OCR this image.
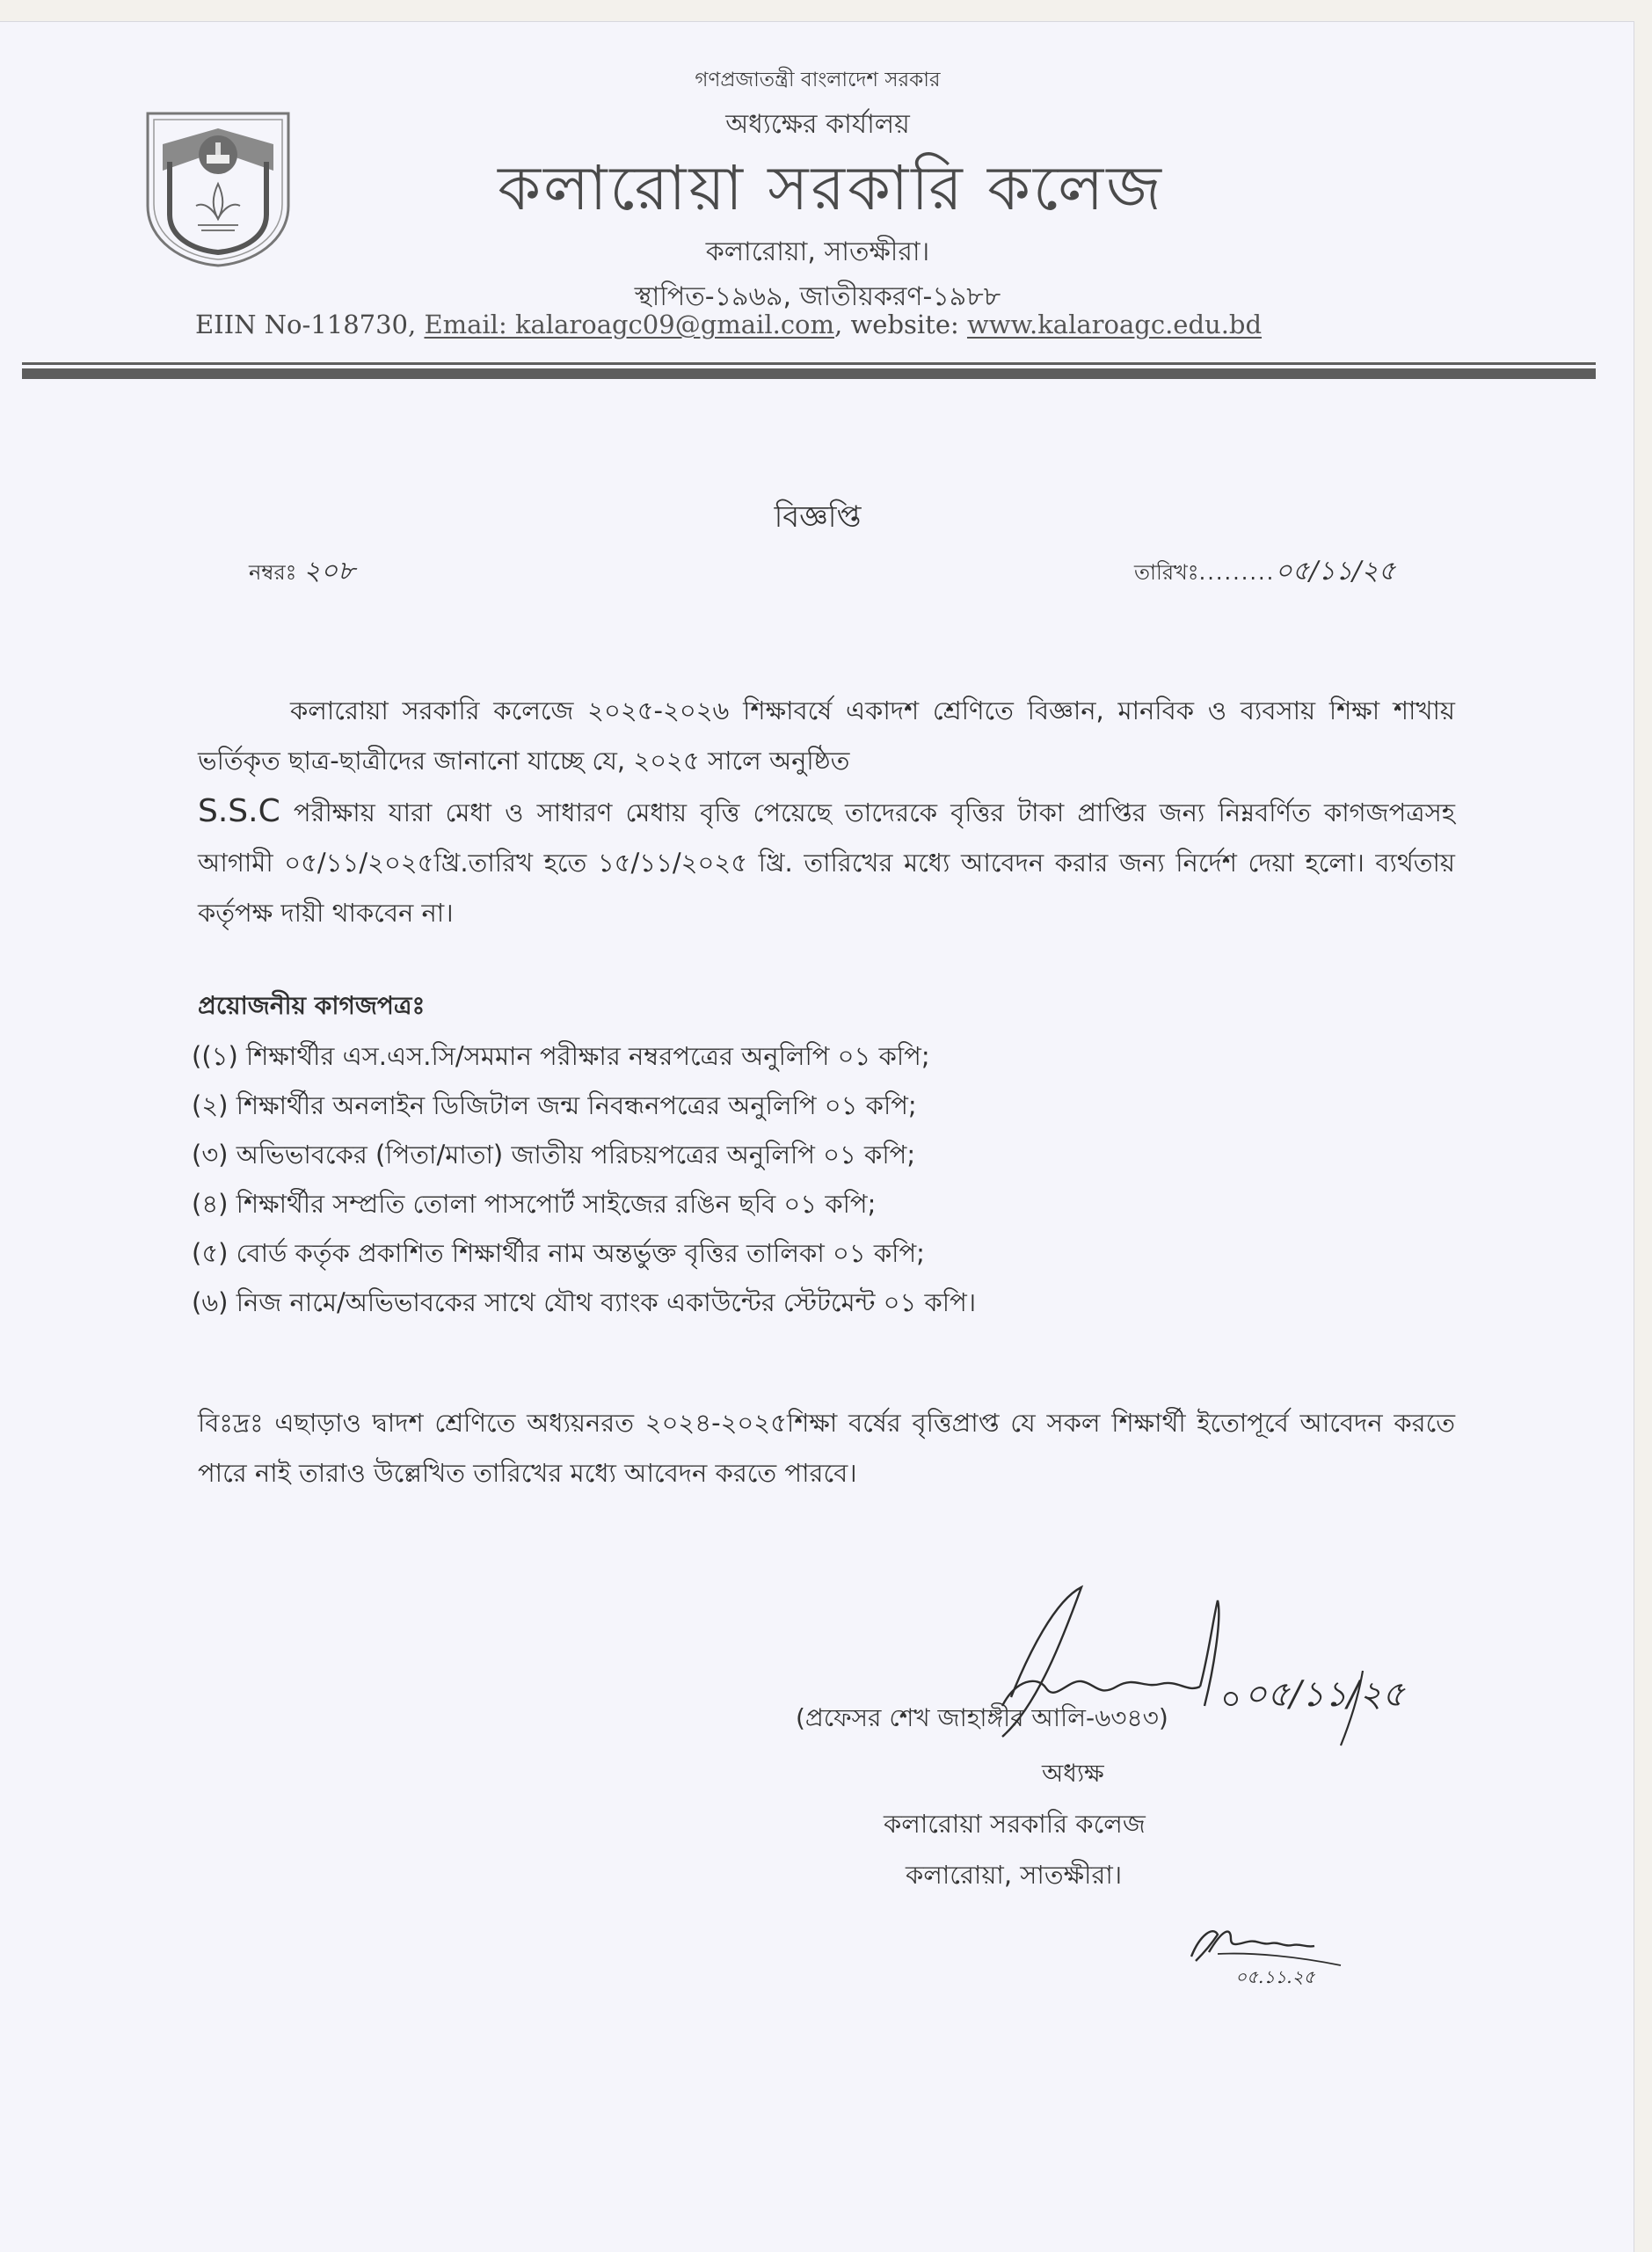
গণপ্রজাতন্ত্রী বাংলাদেশ সরকার
অধ্যক্ষের কার্যালয়
কলারোয়া সরকারি কলেজ
কলারোয়া, সাতক্ষীরা।
স্থাপিত-১৯৬৯, জাতীয়করণ-১৯৮৮
EIIN No-118730, Email: kalaroagc09@gmail.com, website: www.kalaroagc.edu.bd
বিজ্ঞপ্তি
নম্বরঃ ২০৮	তারিখঃ.........০৫/১১/২৫

কলারোয়া সরকারি কলেজে ২০২৫-২০২৬ শিক্ষাবর্ষে একাদশ শ্রেণিতে বিজ্ঞান, মানবিক ও ব্যবসায় শিক্ষা শাখায় ভর্তিকৃত ছাত্র-ছাত্রীদের জানানো যাচ্ছে যে, ২০২৫ সালে অনুষ্ঠিত
S.S.C পরীক্ষায় যারা মেধা ও সাধারণ মেধায় বৃত্তি পেয়েছে তাদেরকে বৃত্তির টাকা প্রাপ্তির জন্য নিম্নবর্ণিত কাগজপত্রসহ আগামী ০৫/১১/২০২৫খ্রি.তারিখ হতে ১৫/১১/২০২৫ খ্রি. তারিখের মধ্যে আবেদন করার জন্য নির্দেশ দেয়া হলো। ব্যর্থতায় কর্তৃপক্ষ দায়ী থাকবেন না।

প্রয়োজনীয় কাগজপত্রঃ
((১) শিক্ষার্থীর এস.এস.সি/সমমান পরীক্ষার নম্বরপত্রের অনুলিপি ০১ কপি;
(২) শিক্ষার্থীর অনলাইন ডিজিটাল জন্ম নিবন্ধনপত্রের অনুলিপি ০১ কপি;
(৩) অভিভাবকের (পিতা/মাতা) জাতীয় পরিচয়পত্রের অনুলিপি ০১ কপি;
(৪) শিক্ষার্থীর সম্প্রতি তোলা পাসপোর্ট সাইজের রঙিন ছবি ০১ কপি;
(৫) বোর্ড কর্তৃক প্রকাশিত শিক্ষার্থীর নাম অন্তর্ভুক্ত বৃত্তির তালিকা ০১ কপি;
(৬) নিজ নামে/অভিভাবকের সাথে যৌথ ব্যাংক একাউন্টের স্টেটমেন্ট ০১ কপি।

বিঃদ্রঃ এছাড়াও দ্বাদশ শ্রেণিতে অধ্যয়নরত ২০২৪-২০২৫শিক্ষা বর্ষের বৃত্তিপ্রাপ্ত যে সকল শিক্ষার্থী ইতোপূর্বে আবেদন করতে পারে নাই তারাও উল্লেখিত তারিখের মধ্যে আবেদন করতে পারবে।

০৫/১১/২৫
(প্রফেসর শেখ জাহাঙ্গীর আলি-৬৩৪৩)
অধ্যক্ষ
কলারোয়া সরকারি কলেজ
কলারোয়া, সাতক্ষীরা।
০৫.১১.২৫
